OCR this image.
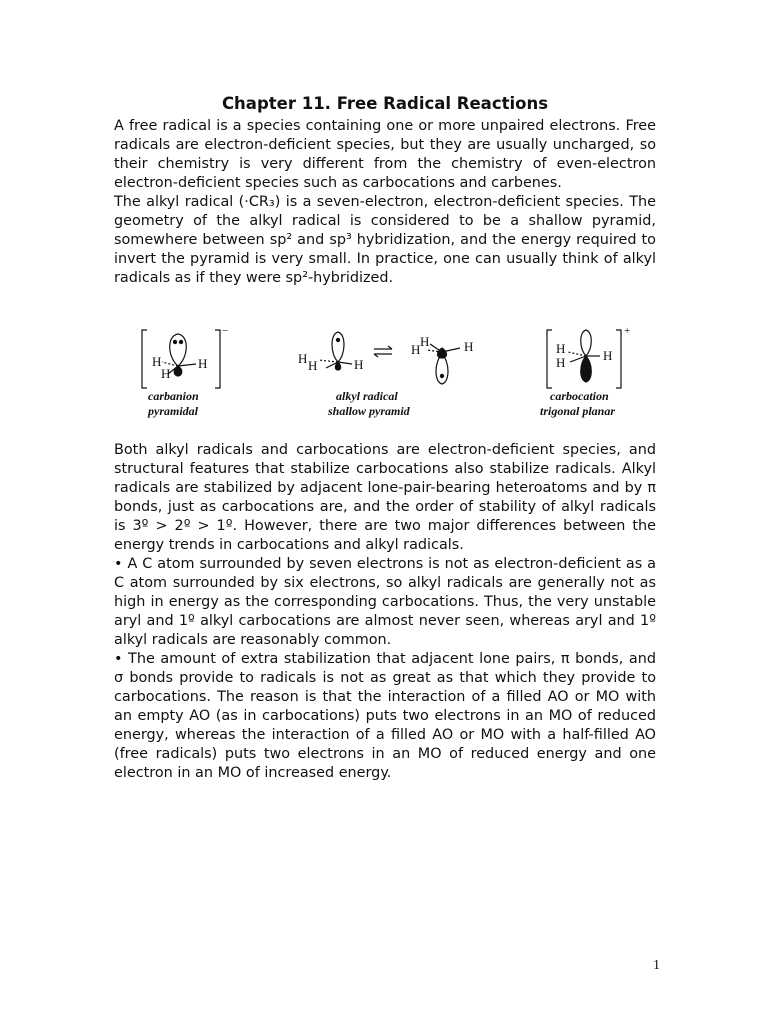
Chapter 11. Free Radical Reactions

A free radical is a species containing one or more unpaired electrons. Free radicals are electron-deficient species, but they are usually uncharged, so their chemistry is very different from the chemistry of even-electron electron-deficient species such as carbocations and carbenes.

The alkyl radical (·CR₃) is a seven-electron, electron-deficient species. The geometry of the alkyl radical is considered to be a shallow pyramid, somewhere between sp² and sp³ hybridization, and the energy required to invert the pyramid is very small. In practice, one can usually think of alkyl radicals as if they were sp²-hybridized.

H	H
H
−
carbanion
pyramidal
H H	H
H
H	H
alkyl radical
shallow pyramid
H
H	H
+
carbocation
trigonal planar

Both alkyl radicals and carbocations are electron-deficient species, and structural features that stabilize carbocations also stabilize radicals. Alkyl radicals are stabilized by adjacent lone-pair-bearing heteroatoms and by π bonds, just as carbocations are, and the order of stability of alkyl radicals is 3º > 2º > 1º. However, there are two major differences between the energy trends in carbocations and alkyl radicals.

• A C atom surrounded by seven electrons is not as electron-deficient as a C atom surrounded by six electrons, so alkyl radicals are generally not as high in energy as the corresponding carbocations. Thus, the very unstable aryl and 1º alkyl carbocations are almost never seen, whereas aryl and 1º alkyl radicals are reasonably common.

• The amount of extra stabilization that adjacent lone pairs, π bonds, and σ bonds provide to radicals is not as great as that which they provide to carbocations. The reason is that the interaction of a filled AO or MO with an empty AO (as in carbocations) puts two electrons in an MO of reduced energy, whereas the interaction of a filled AO or MO with a half-filled AO (free radicals) puts two electrons in an MO of reduced energy and one electron in an MO of increased energy.

1
